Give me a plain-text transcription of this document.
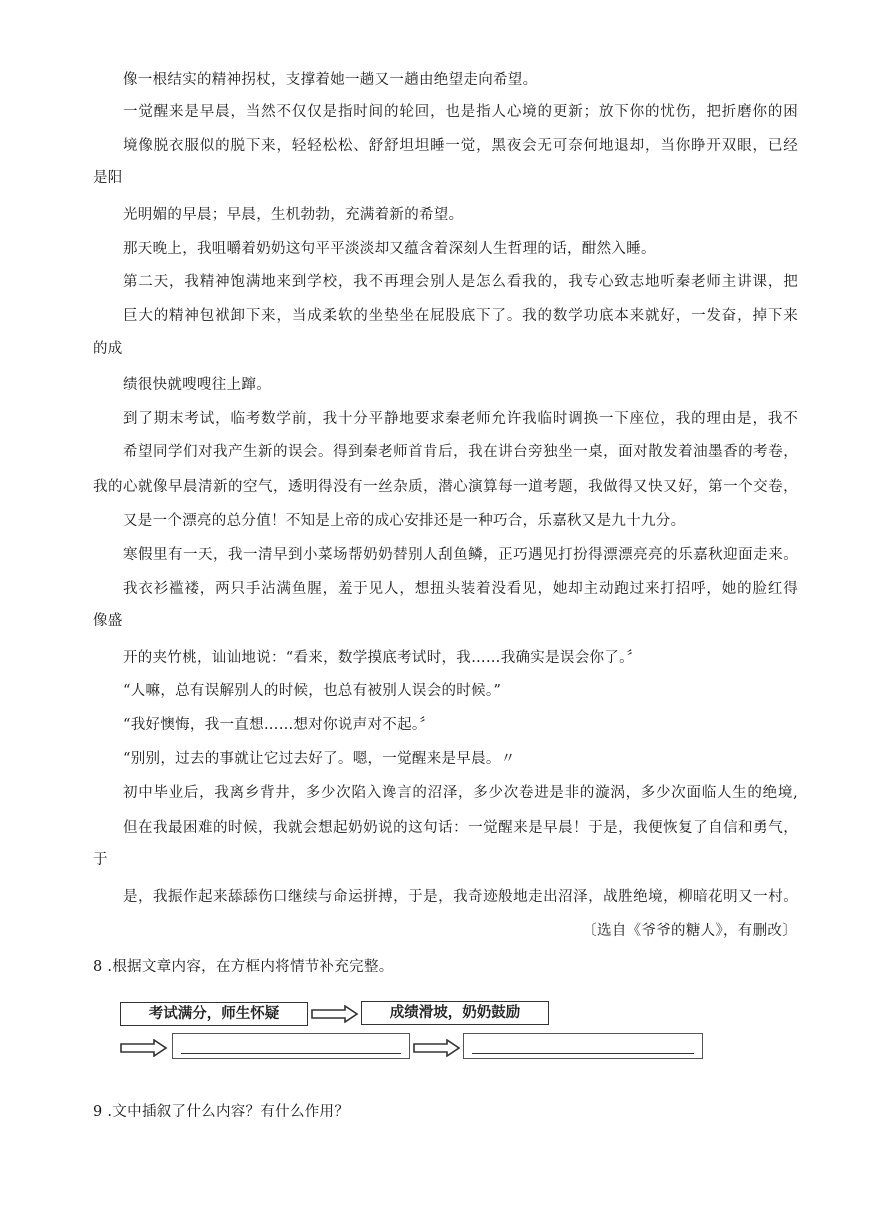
像一根结实的精神拐杖，支撑着她一趟又一趟由绝望走向希望。
一觉醒来是早晨，当然不仅仅是指时间的轮回，也是指人心境的更新；放下你的忧伤，把折磨你的困
境像脱衣服似的脱下来，轻轻松松、舒舒坦坦睡一觉，黑夜会无可奈何地退却，当你睁开双眼，已经
是阳
光明媚的早晨；早晨，生机勃勃，充满着新的希望。
那天晚上，我咀嚼着奶奶这句平平淡淡却又蕴含着深刻人生哲理的话，酣然入睡。
第二天，我精神饱满地来到学校，我不再理会别人是怎么看我的，我专心致志地听秦老师主讲课，把
巨大的精神包袱卸下来，当成柔软的坐垫坐在屁股底下了。我的数学功底本来就好，一发奋，掉下来
的成
绩很快就嗖嗖往上蹿。
到了期末考试，临考数学前，我十分平静地要求秦老师允许我临时调换一下座位，我的理由是，我不
希望同学们对我产生新的误会。得到秦老师首肯后，我在讲台旁独坐一桌，面对散发着油墨香的考卷，
我的心就像早晨清新的空气，透明得没有一丝杂质，潜心演算每一道考题，我做得又快又好，第一个交卷，
又是一个漂亮的总分值！不知是上帝的成心安排还是一种巧合，乐嘉秋又是九十九分。
寒假里有一天，我一清早到小菜场帮奶奶替别人刮鱼鳞，正巧遇见打扮得漂漂亮亮的乐嘉秋迎面走来。
我衣衫褴褛，两只手沾满鱼腥，羞于见人，想扭头装着没看见，她却主动跑过来打招呼，她的脸红得
像盛
开的夹竹桃，讪讪地说：“看来，数学摸底考试时，我……我确实是误会你了。〞
“人嘛，总有误解别人的时候，也总有被别人误会的时候。”
“我好懊悔，我一直想……想对你说声对不起。〞
“别别，过去的事就让它过去好了。嗯，一觉醒来是早晨。〃
初中毕业后，我离乡背井，多少次陷入谗言的沼泽，多少次卷进是非的漩涡，多少次面临人生的绝境,
但在我最困难的时候，我就会想起奶奶说的这句话：一觉醒来是早晨！于是，我便恢复了自信和勇气，
于
是，我振作起来舔舔伤口继续与命运拼搏，于是，我奇迹般地走出沼泽，战胜绝境，柳暗花明又一村。
〔选自《爷爷的糖人》，有删改〕
8 .根据文章内容，在方框内将情节补充完整。
考试满分，师生怀疑	成绩滑坡，奶奶鼓励
9 .文中插叙了什么内容？有什么作用？
